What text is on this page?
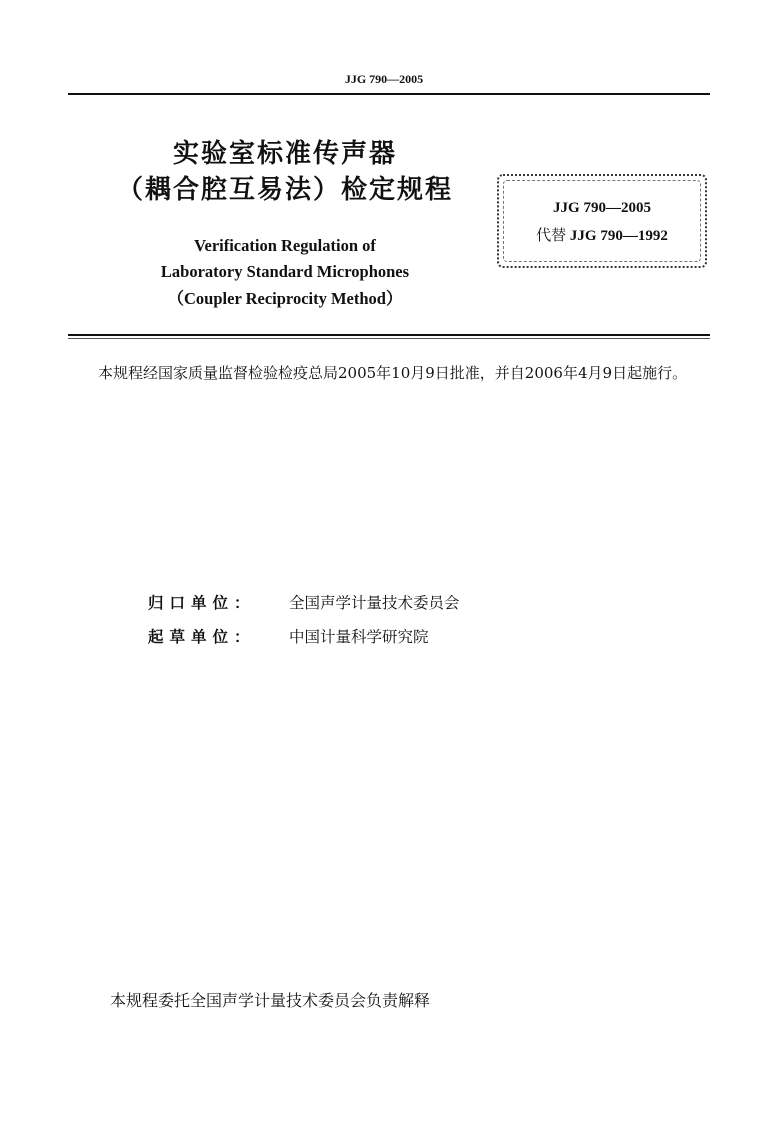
JJG 790—2005
实验室标准传声器
（耦合腔互易法）检定规程
Verification Regulation of
Laboratory Standard Microphones
（Coupler Reciprocity Method）
JJG 790—2005
代替 JJG 790—1992
本规程经国家质量监督检验检疫总局2005年10月9日批准，并自2006年4月9日起施行。
归口单位： 全国声学计量技术委员会
起草单位： 中国计量科学研究院
本规程委托全国声学计量技术委员会负责解释
